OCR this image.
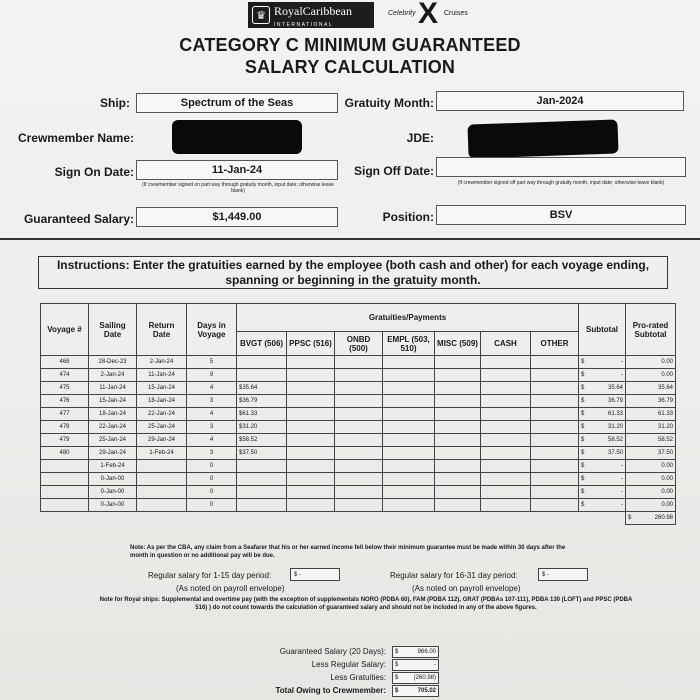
♛ RoyalCaribbean
INTERNATIONAL
Celebrity X Cruises
CATEGORY C MINIMUM GUARANTEED
SALARY CALCULATION
Ship:	Spectrum of the Seas	Gratuity Month:	Jan-2024
Crewmember Name:	JDE:
Sign On Date:	11-Jan-24
(If crewmember signed on part way through gratuity month, input date; otherwise leave blank)
Sign Off Date:
(If crewmember signed off part way through gratuity month, input date; otherwise leave blank)
Guaranteed Salary:	$1,449.00	Position:	BSV
Instructions: Enter the gratuities earned by the employee (both cash and other) for each voyage ending, spanning or beginning in the gratuity month.
Voyage #	Sailing Date	Return Date	Days in Voyage	Gratuities/Payments							Subtotal	Pro-rated Subtotal
				BVGT (506)	PPSC (516)	ONBD (500)	EMPL (503, 510)	MISC (509)	CASH	OTHER		
468	28-Dec-23	2-Jan-24	5								$ -	0.00
474	2-Jan-24	11-Jan-24	9								$ -	0.00
475	11-Jan-24	15-Jan-24	4	$35.64							$ 35.64	35.64
476	15-Jan-24	18-Jan-24	3	$36.79							$ 36.79	36.79
477	18-Jan-24	22-Jan-24	4	$61.33							$ 61.33	61.33
478	22-Jan-24	25-Jan-24	3	$31.20							$ 31.20	31.20
479	25-Jan-24	29-Jan-24	4	$58.52							$ 58.52	58.52
480	29-Jan-24	1-Feb-24	3	$37.50							$ 37.50	37.50
	1-Feb-24		0								$ -	0.00
	0-Jan-00		0								$ -	0.00
	0-Jan-00		0								$ -	0.00
	0-Jan-00		0								$ -	0.00

												$ 260.98
Note: As per the CBA, any claim from a Seafarer that his or her earned income fell below their minimum guarantee must be made within 30 days after the month in question or no additional pay will be due.
Regular salary for 1-15 day period:	$ -	Regular salary for 16-31 day period:	$ -
(As noted on payroll envelope)	(As noted on payroll envelope)
Note for Royal ships: Supplemental and overtime pay (with the exception of supplementals NORO (PDBA 60), FAM (PDBA 112), GRAT (PDBAs 107-111), PDBA 130 (LOFT) and PPSC (PDBA 516) ) do not count towards the calculation of guaranteed salary and should not be included in any of the above figures.
Guaranteed Salary (20 Days): $	966.00
Less Regular Salary: $	-
Less Gratuities: $	(260.98)
Total Owing to Crewmember: $	705.02
